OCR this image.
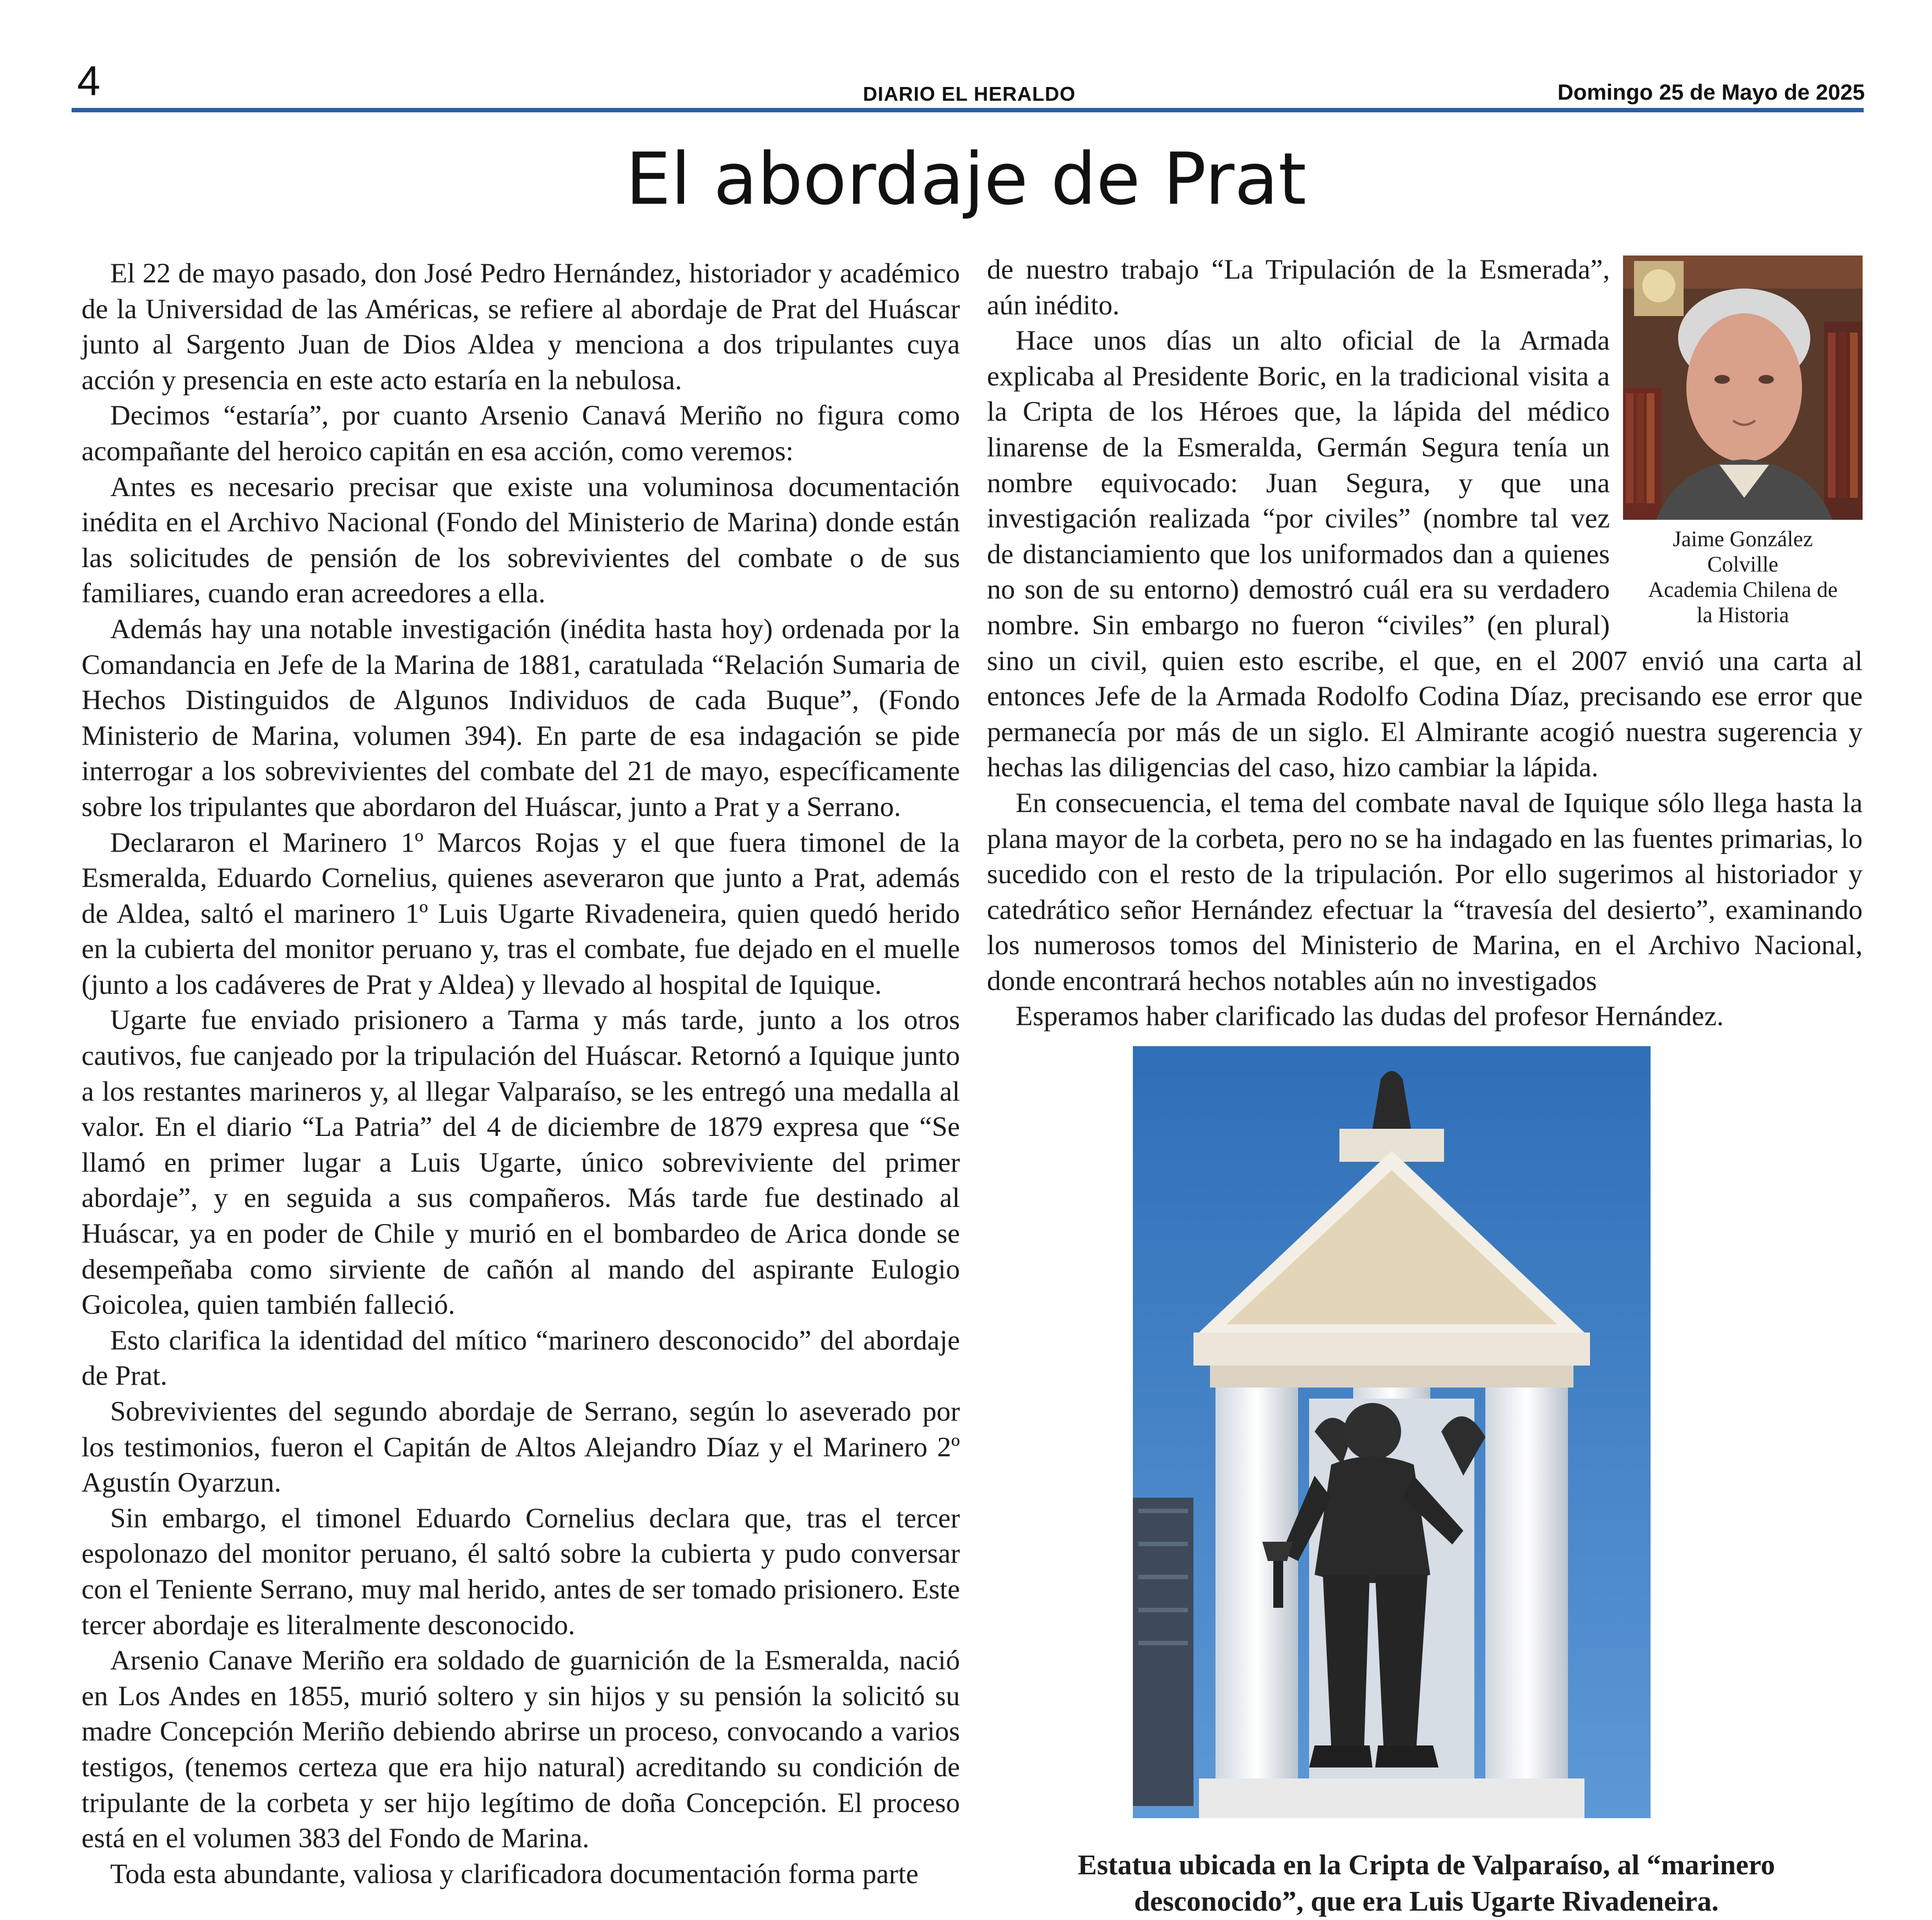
4	DIARIO EL HERALDO	Domingo 25 de Mayo de 2025
El abordaje de Prat

El 22 de mayo pasado, don José Pedro Hernández, historiador y académico de la Universidad de las Américas, se refiere al abordaje de Prat del Huáscar junto al Sargento Juan de Dios Aldea y menciona a dos tripulantes cuya acción y presencia en este acto estaría en la nebulosa.

Decimos “estaría”, por cuanto Arsenio Canavá Meriño no figura como acompañante del heroico capitán en esa acción, como veremos:

Antes es necesario precisar que existe una voluminosa documentación inédita en el Archivo Nacional (Fondo del Ministerio de Marina) donde están las solicitudes de pensión de los sobrevivientes del combate o de sus familiares, cuando eran acreedores a ella.

Además hay una notable investigación (inédita hasta hoy) ordenada por la Comandancia en Jefe de la Marina de 1881, caratulada “Relación Sumaria de Hechos Distinguidos de Algunos Individuos de cada Buque”, (Fondo Ministerio de Marina, volumen 394). En parte de esa indagación se pide interrogar a los sobrevivientes del combate del 21 de mayo, específicamente sobre los tripulantes que abordaron del Huáscar, junto a Prat y a Serrano.

Declararon el Marinero 1º Marcos Rojas y el que fuera timonel de la Esmeralda, Eduardo Cornelius, quienes aseveraron que junto a Prat, además de Aldea, saltó el marinero 1º Luis Ugarte Rivadeneira, quien quedó herido en la cubierta del monitor peruano y, tras el combate, fue dejado en el muelle (junto a los cadáveres de Prat y Aldea) y llevado al hospital de Iquique.

Ugarte fue enviado prisionero a Tarma y más tarde, junto a los otros cautivos, fue canjeado por la tripulación del Huáscar. Retornó a Iquique junto a los restantes marineros y, al llegar Valparaíso, se les entregó una medalla al valor. En el diario “La Patria” del 4 de diciembre de 1879 expresa que “Se llamó en primer lugar a Luis Ugarte, único sobreviviente del primer abordaje”, y en seguida a sus compañeros. Más tarde fue destinado al Huáscar, ya en poder de Chile y murió en el bombardeo de Arica donde se desempeñaba como sirviente de cañón al mando del aspirante Eulogio Goicolea, quien también falleció.

Esto clarifica la identidad del mítico “marinero desconocido” del abordaje de Prat.

Sobrevivientes del segundo abordaje de Serrano, según lo aseverado por los testimonios, fueron el Capitán de Altos Alejandro Díaz y el Marinero 2º Agustín Oyarzun.

Sin embargo, el timonel Eduardo Cornelius declara que, tras el tercer espolonazo del monitor peruano, él saltó sobre la cubierta y pudo conversar con el Teniente Serrano, muy mal herido, antes de ser tomado prisionero. Este tercer abordaje es literalmente desconocido.

Arsenio Canave Meriño era soldado de guarnición de la Esmeralda, nació en Los Andes en 1855, murió soltero y sin hijos y su pensión la solicitó su madre Concepción Meriño debiendo abrirse un proceso, convocando a varios testigos, (tenemos certeza que era hijo natural) acreditando su condición de tripulante de la corbeta y ser hijo legítimo de doña Concepción. El proceso está en el volumen 383 del Fondo de Marina.

Toda esta abundante, valiosa y clarificadora documentación forma parte

Jaime González
Colville
Academia Chilena de
la Historia

de nuestro trabajo “La Tripulación de la Esmerada”, aún inédito.

Hace unos días un alto oficial de la Armada explicaba al Presidente Boric, en la tradicional visita a la Cripta de los Héroes que, la lápida del médico linarense de la Esmeralda, Germán Segura tenía un nombre equivocado: Juan Segura, y que una investigación realizada “por civiles” (nombre tal vez de distanciamiento que los uniformados dan a quienes no son de su entorno) demostró cuál era su verdadero nombre. Sin embargo no fueron “civiles” (en plural) sino un civil, quien esto escribe, el que, en el 2007 envió una carta al entonces Jefe de la Armada Rodolfo Codina Díaz, precisando ese error que permanecía por más de un siglo. El Almirante acogió nuestra sugerencia y hechas las diligencias del caso, hizo cambiar la lápida.

En consecuencia, el tema del combate naval de Iquique sólo llega hasta la plana mayor de la corbeta, pero no se ha indagado en las fuentes primarias, lo sucedido con el resto de la tripulación. Por ello sugerimos al historiador y catedrático señor Hernández efectuar la “travesía del desierto”, examinando los numerosos tomos del Ministerio de Marina, en el Archivo Nacional, donde encontrará hechos notables aún no investigados

Esperamos haber clarificado las dudas del profesor Hernández.

Estatua ubicada en la Cripta de Valparaíso, al “marinero desconocido”, que era Luis Ugarte Rivadeneira.
